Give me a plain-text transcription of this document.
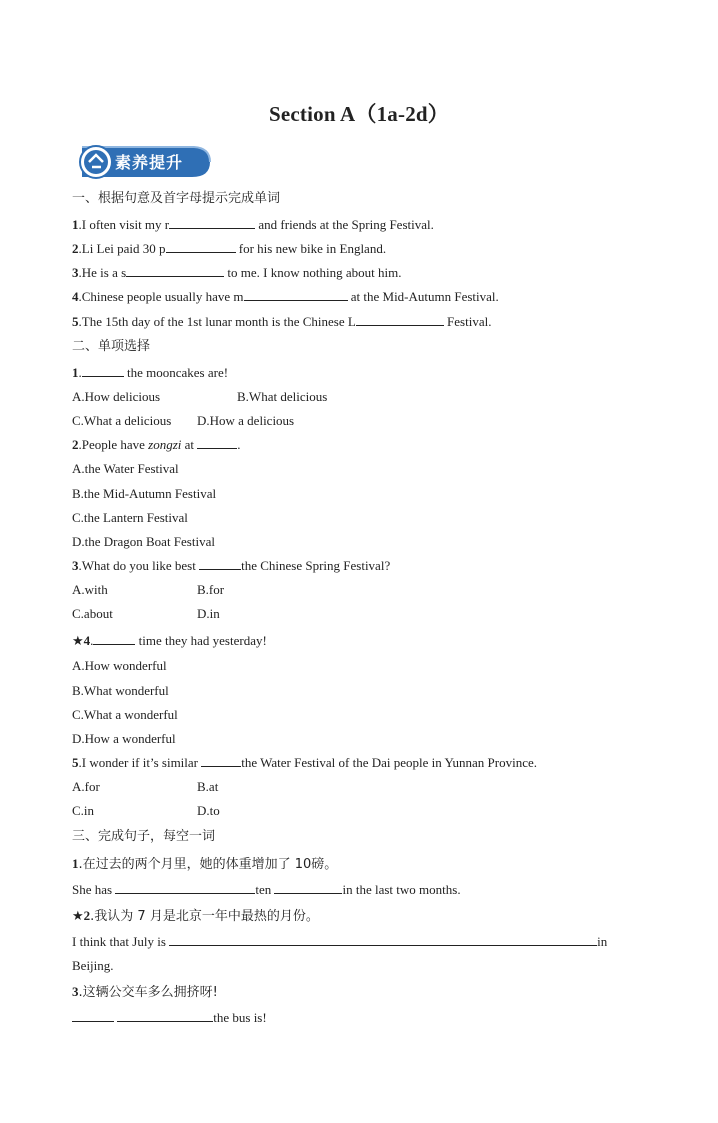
Section A（1a-2d）
素养提升
一、根据句意及首字母提示完成单词
1.I often visit my r	and friends at the Spring Festival.
2.Li Lei paid 30 p	for his new bike in England.
3.He is a s	to me. I know nothing about him.
4.Chinese people usually have m	at the Mid-Autumn Festival.
5.The 15th day of the 1st lunar month is the Chinese L	Festival.
二、单项选择
1.	the mooncakes are!
A.How delicious	B.What delicious
C.What a delicious D.How a delicious
2.People have zongzi at	.
A.the Water Festival
B.the Mid-Autumn Festival
C.the Lantern Festival
D.the Dragon Boat Festival
3.What do you like best	the Chinese Spring Festival?
A.with	B.for
C.about	D.in
★4.	time they had yesterday!
A.How wonderful
B.What wonderful
C.What a wonderful
D.How a wonderful
5.I wonder if it’s similar	the Water Festival of the Dai people in Yunnan Province.
A.for	B.at
C.in	D.to
三、完成句子，每空一词
1.在过去的两个月里，她的体重增加了 10磅。
She has	ten	in the last two months.
★2.我认为 7 月是北京一年中最热的月份。
I think that July is	in
Beijing.
3.这辆公交车多么拥挤呀!
the bus is!
